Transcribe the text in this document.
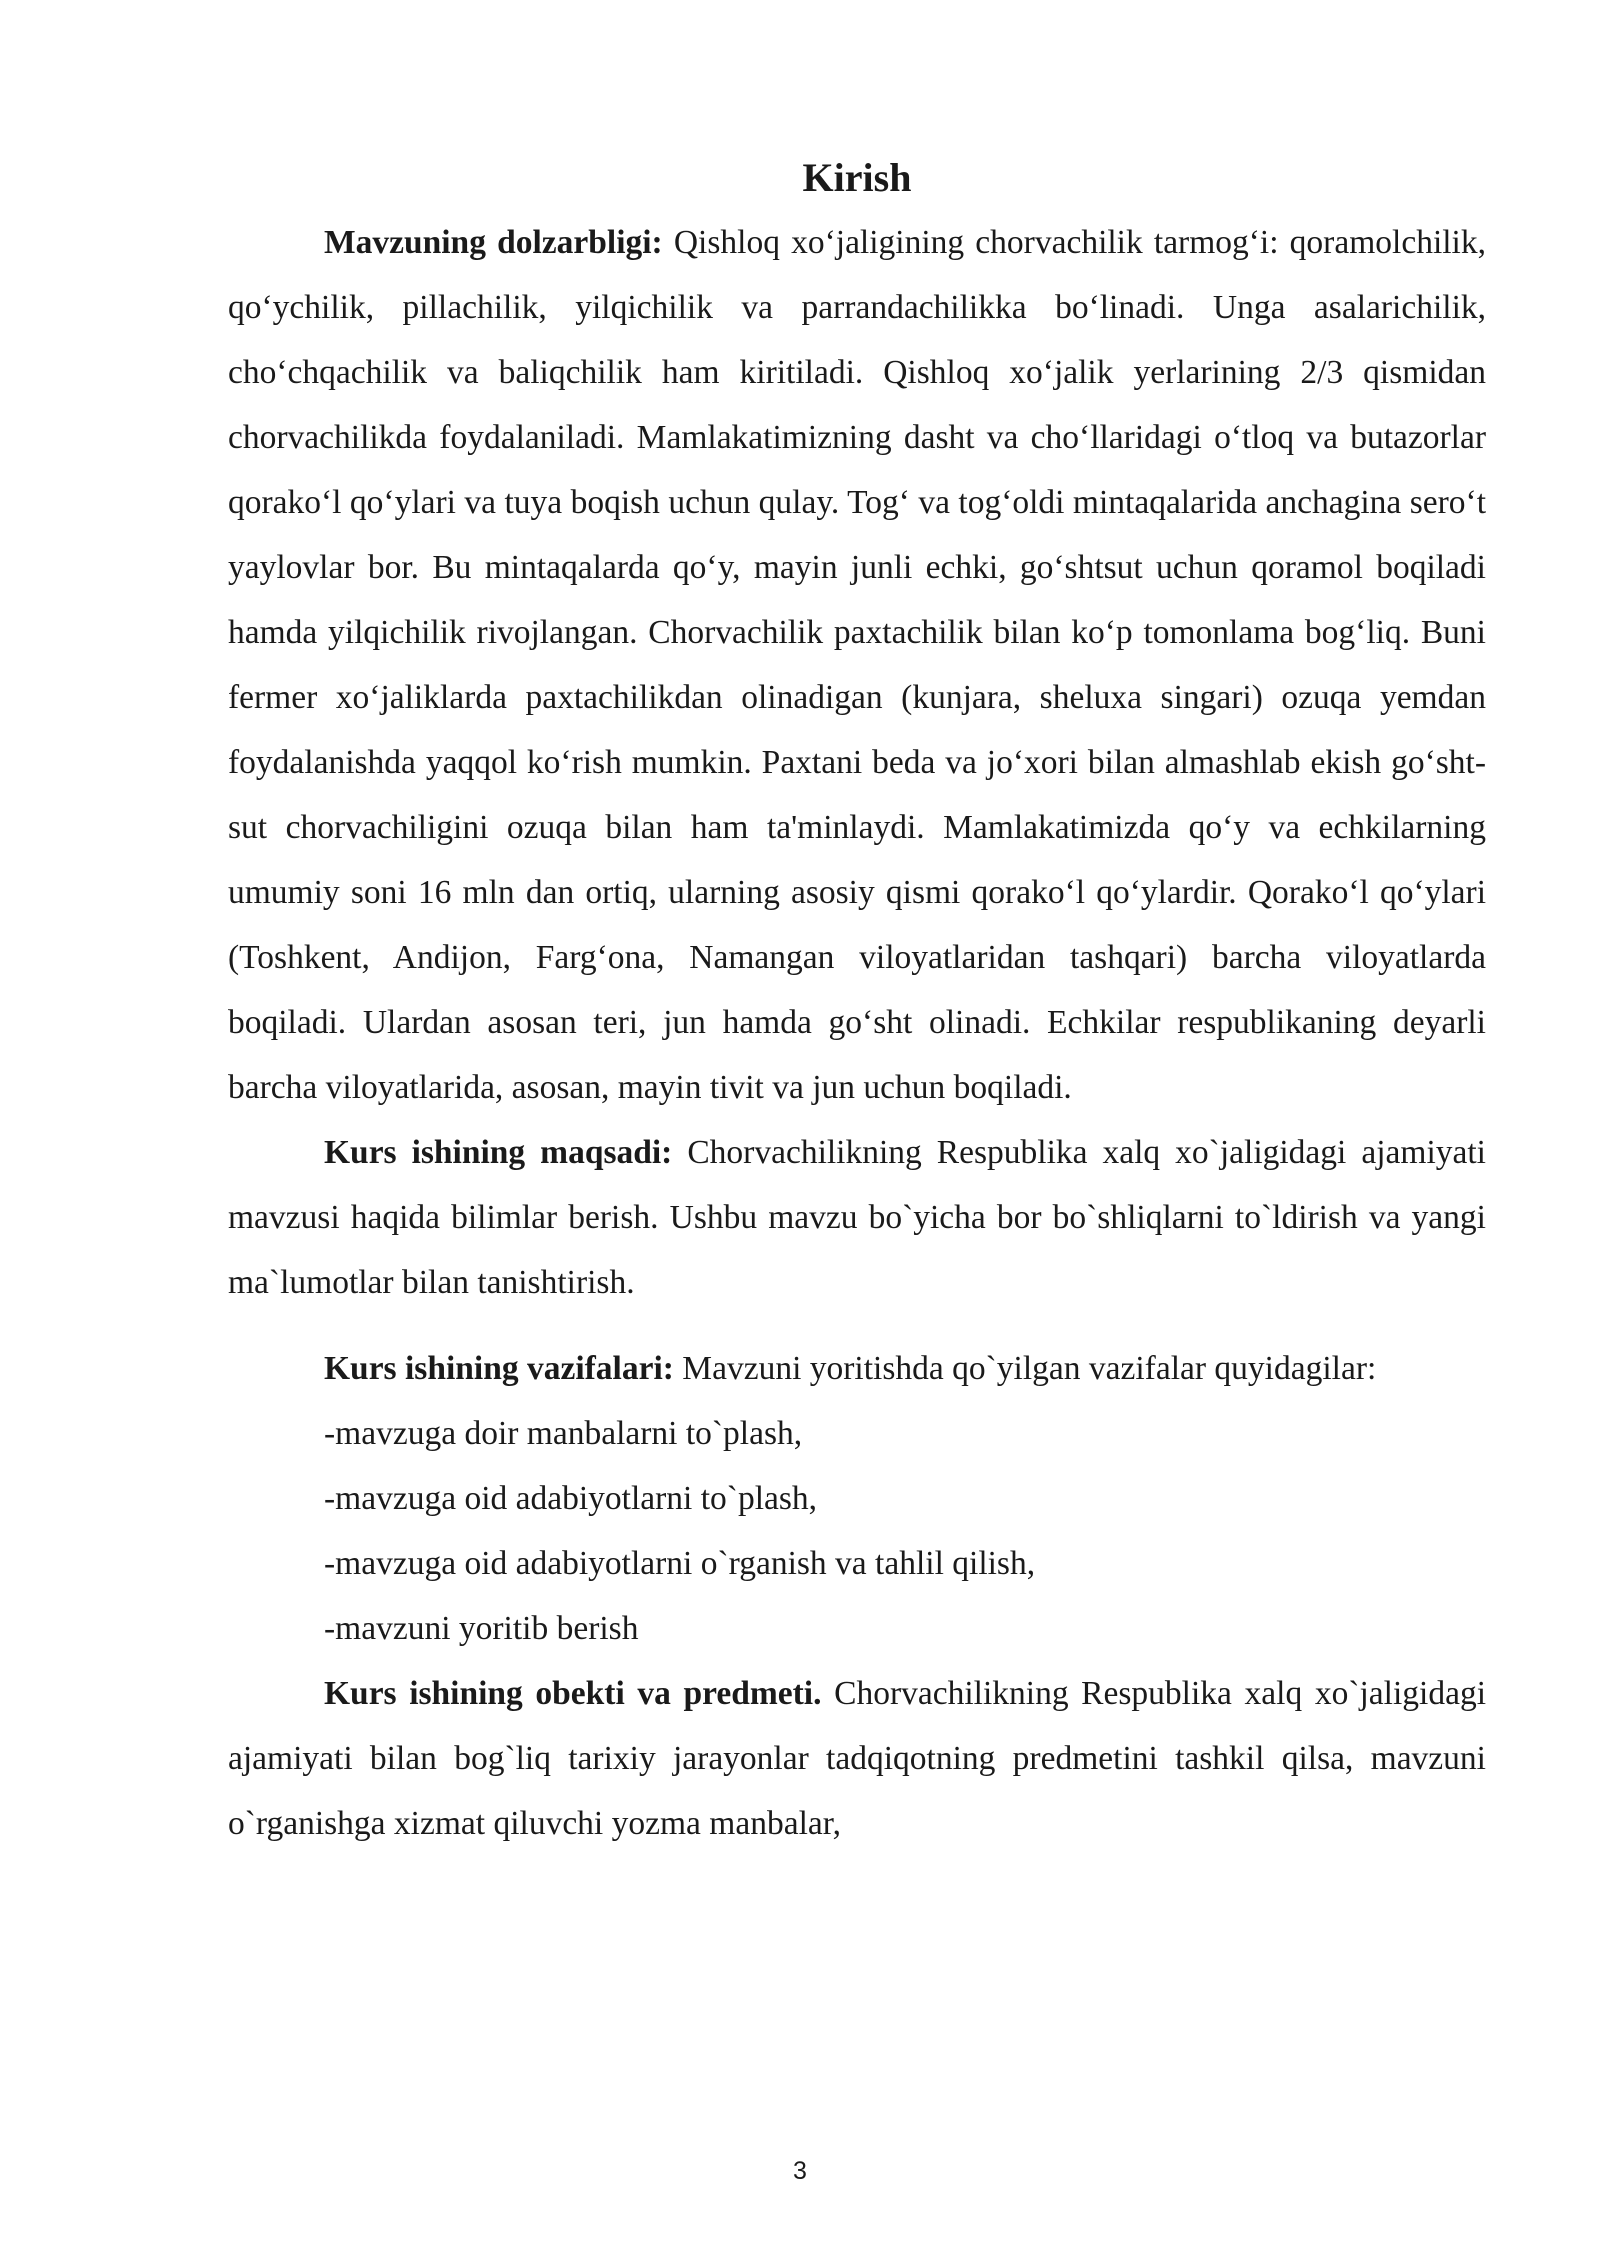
Kirish

Mavzuning dolzarbligi: Qishloq xo‘jaligining chorvachilik tarmog‘i: qoramolchilik, qo‘ychilik, pillachilik, yilqichilik va parrandachilikka bo‘linadi. Unga asalarichilik, cho‘chqachilik va baliqchilik ham kiritiladi. Qishloq xo‘jalik yerlarining 2/3 qismidan chorvachilikda foydalaniladi. Mamlakatimizning dasht va cho‘llaridagi o‘tloq va butazorlar qorako‘l qo‘ylari va tuya boqish uchun qulay. Tog‘ va tog‘oldi mintaqalarida anchagina sero‘t yaylovlar bor. Bu mintaqalarda qo‘y, mayin junli echki, go‘shtsut uchun qoramol boqiladi hamda yilqichilik rivojlangan. Chorvachilik paxtachilik bilan ko‘p tomonlama bog‘liq. Buni fermer xo‘jaliklarda paxtachilikdan olinadigan (kunjara, sheluxa singari) ozuqa yemdan foydalanishda yaqqol ko‘rish mumkin. Paxtani beda va jo‘xori bilan almashlab ekish go‘sht-sut chorvachiligini ozuqa bilan ham ta'minlaydi. Mamlakatimizda qo‘y va echkilarning umumiy soni 16 mln dan ortiq, ularning asosiy qismi qorako‘l qo‘ylardir. Qorako‘l qo‘ylari (Toshkent, Andijon, Farg‘ona, Namangan viloyatlaridan tashqari) barcha viloyatlarda boqiladi. Ulardan asosan teri, jun hamda go‘sht olinadi. Echkilar respublikaning deyarli barcha viloyatlarida, asosan, mayin tivit va jun uchun boqiladi.

Kurs ishining maqsadi: Chorvachilikning Respublika xalq xo`jaligidagi ajamiyati mavzusi haqida bilimlar berish. Ushbu mavzu bo`yicha bor bo`shliqlarni to`ldirish va yangi ma`lumotlar bilan tanishtirish.

Kurs ishining vazifalari: Mavzuni yoritishda qo`yilgan vazifalar quyidagilar:

-mavzuga doir manbalarni to`plash,
-mavzuga oid adabiyotlarni to`plash,
-mavzuga oid adabiyotlarni o`rganish va tahlil qilish,
-mavzuni yoritib berish

Kurs ishining obekti va predmeti. Chorvachilikning Respublika xalq xo`jaligidagi ajamiyati bilan bog`liq tarixiy jarayonlar tadqiqotning predmetini tashkil qilsa, mavzuni o`rganishga xizmat qiluvchi yozma manbalar,

3
